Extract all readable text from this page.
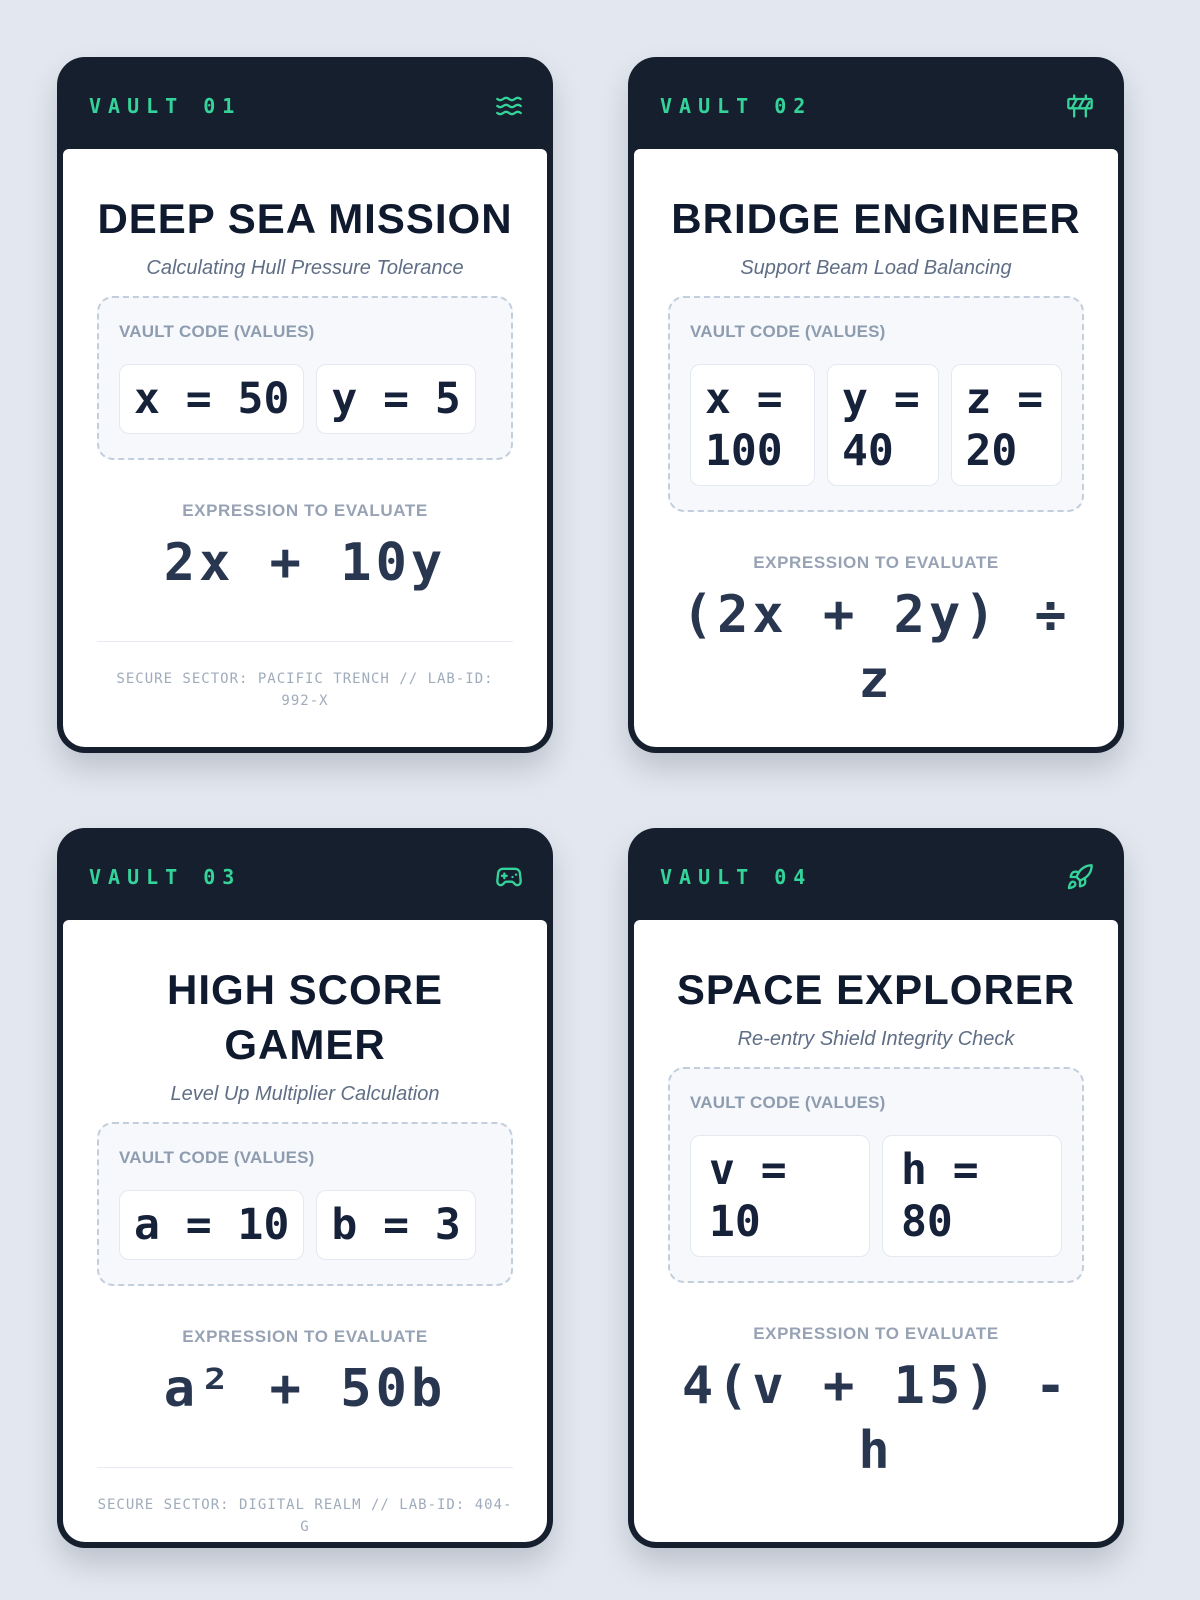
VAULT 01
DEEP SEA MISSION
Calculating Hull Pressure Tolerance
VAULT CODE (VALUES)
x = 50 y = 5
EXPRESSION TO EVALUATE
2x + 10y
SECURE SECTOR: PACIFIC TRENCH // LAB-ID: 992-X
VAULT 02
BRIDGE ENGINEER
Support Beam Load Balancing
VAULT CODE (VALUES)
x = 100
y = 40
z = 20
EXPRESSION TO EVALUATE
(2x + 2y) ÷ z
VAULT 03
HIGH SCORE GAMER
Level Up Multiplier Calculation
VAULT CODE (VALUES)
a = 10 b = 3
EXPRESSION TO EVALUATE
a² + 50b
SECURE SECTOR: DIGITAL REALM // LAB-ID: 404-G
VAULT 04
SPACE EXPLORER
Re-entry Shield Integrity Check
VAULT CODE (VALUES)
v = 10
h = 80
EXPRESSION TO EVALUATE
4(v + 15) - h
